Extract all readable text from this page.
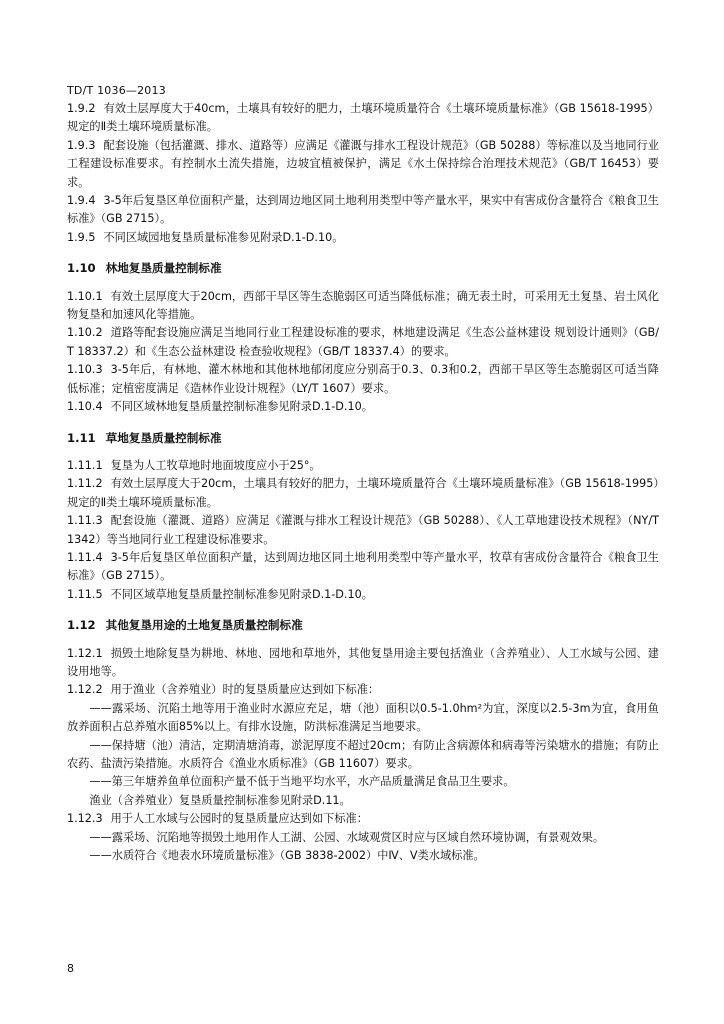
TD/T 1036—2013

1.9.2 有效土层厚度大于40cm，土壤具有较好的肥力，土壤环境质量符合《土壤环境质量标准》（GB 15618-1995）规定的Ⅱ类土壤环境质量标准。

1.9.3 配套设施（包括灌溉、排水、道路等）应满足《灌溉与排水工程设计规范》（GB 50288）等标准以及当地同行业工程建设标准要求。有控制水土流失措施，边坡宜植被保护，满足《水土保持综合治理技术规范》（GB/T 16453）要求。

1.9.4 3-5年后复垦区单位面积产量，达到周边地区同土地利用类型中等产量水平，果实中有害成份含量符合《粮食卫生标准》（GB 2715）。

1.9.5 不同区域园地复垦质量标准参见附录D.1-D.10。

1.10 林地复垦质量控制标准

1.10.1 有效土层厚度大于20cm，西部干旱区等生态脆弱区可适当降低标准；确无表土时，可采用无土复垦、岩土风化物复垦和加速风化等措施。

1.10.2 道路等配套设施应满足当地同行业工程建设标准的要求，林地建设满足《生态公益林建设 规划设计通则》（GB/T 18337.2）和《生态公益林建设 检查验收规程》（GB/T 18337.4）的要求。

1.10.3 3-5年后，有林地、灌木林地和其他林地郁闭度应分别高于0.3、0.3和0.2，西部干旱区等生态脆弱区可适当降低标准；定植密度满足《造林作业设计规程》（LY/T 1607）要求。

1.10.4 不同区域林地复垦质量控制标准参见附录D.1-D.10。

1.11 草地复垦质量控制标准

1.11.1 复垦为人工牧草地时地面坡度应小于25°。

1.11.2 有效土层厚度大于20cm，土壤具有较好的肥力，土壤环境质量符合《土壤环境质量标准》（GB 15618-1995）规定的Ⅱ类土壤环境质量标准。

1.11.3 配套设施（灌溉、道路）应满足《灌溉与排水工程设计规范》（GB 50288）、《人工草地建设技术规程》（NY/T 1342）等当地同行业工程建设标准要求。

1.11.4 3-5年后复垦区单位面积产量，达到周边地区同土地利用类型中等产量水平，牧草有害成份含量符合《粮食卫生标准》（GB 2715）。

1.11.5 不同区域草地复垦质量控制标准参见附录D.1-D.10。

1.12 其他复垦用途的土地复垦质量控制标准

1.12.1 损毁土地除复垦为耕地、林地、园地和草地外，其他复垦用途主要包括渔业（含养殖业）、人工水域与公园、建设用地等。

1.12.2 用于渔业（含养殖业）时的复垦质量应达到如下标准：

——露采场、沉陷土地等用于渔业时水源应充足，塘（池）面积以0.5-1.0hm²为宜，深度以2.5-3m为宜，食用鱼放养面积占总养殖水面85%以上。有排水设施，防洪标准满足当地要求。

——保持塘（池）清洁，定期清塘消毒，淤泥厚度不超过20cm；有防止含病源体和病毒等污染塘水的措施；有防止农药、盐渍污染措施。水质符合《渔业水质标准》（GB 11607）要求。

——第三年塘养鱼单位面积产量不低于当地平均水平，水产品质量满足食品卫生要求。

渔业（含养殖业）复垦质量控制标准参见附录D.11。

1.12.3 用于人工水域与公园时的复垦质量应达到如下标准：

——露采场、沉陷地等损毁土地用作人工湖、公园、水域观赏区时应与区域自然环境协调，有景观效果。

——水质符合《地表水环境质量标准》（GB 3838-2002）中Ⅳ、Ⅴ类水域标准。

8
